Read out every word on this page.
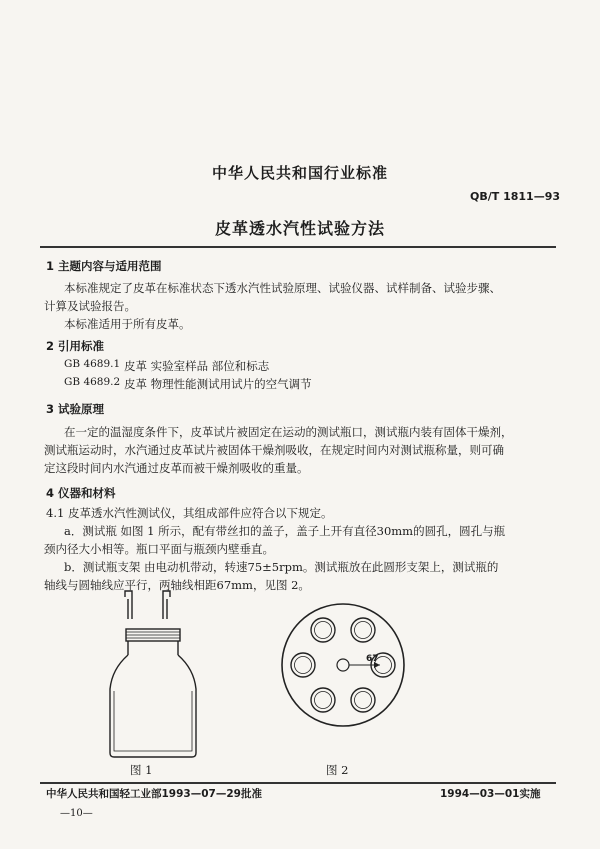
中华人民共和国行业标准
QB/T 1811—93
皮革透水汽性试验方法
1 主题内容与适用范围
本标准规定了皮革在标准状态下透水汽性试验原理、试验仪器、试样制备、试验步骤、
计算及试验报告。
本标准适用于所有皮革。
2 引用标准
GB 4689.1 皮革 实验室样品 部位和标志
GB 4689.2 皮革 物理性能测试用试片的空气调节
3 试验原理
在一定的温湿度条件下，皮革试片被固定在运动的测试瓶口，测试瓶内装有固体干燥剂，
测试瓶运动时，水汽通过皮革试片被固体干燥剂吸收，在规定时间内对测试瓶称量，则可确
定这段时间内水汽通过皮革而被干燥剂吸收的重量。
4 仪器和材料
4.1 皮革透水汽性测试仪，其组成部件应符合以下规定。
a．测试瓶 如图 1 所示，配有带丝扣的盖子，盖子上开有直径30mm的圆孔，圆孔与瓶
颈内径大小相等。瓶口平面与瓶颈内壁垂直。
b．测试瓶支架 由电动机带动，转速75±5rpm。测试瓶放在此圆形支架上，测试瓶的
轴线与圆轴线应平行，两轴线相距67mm，见图 2。
67
图 1	图 2
中华人民共和国轻工业部1993—07—29批准	1994—03—01实施
—10—
